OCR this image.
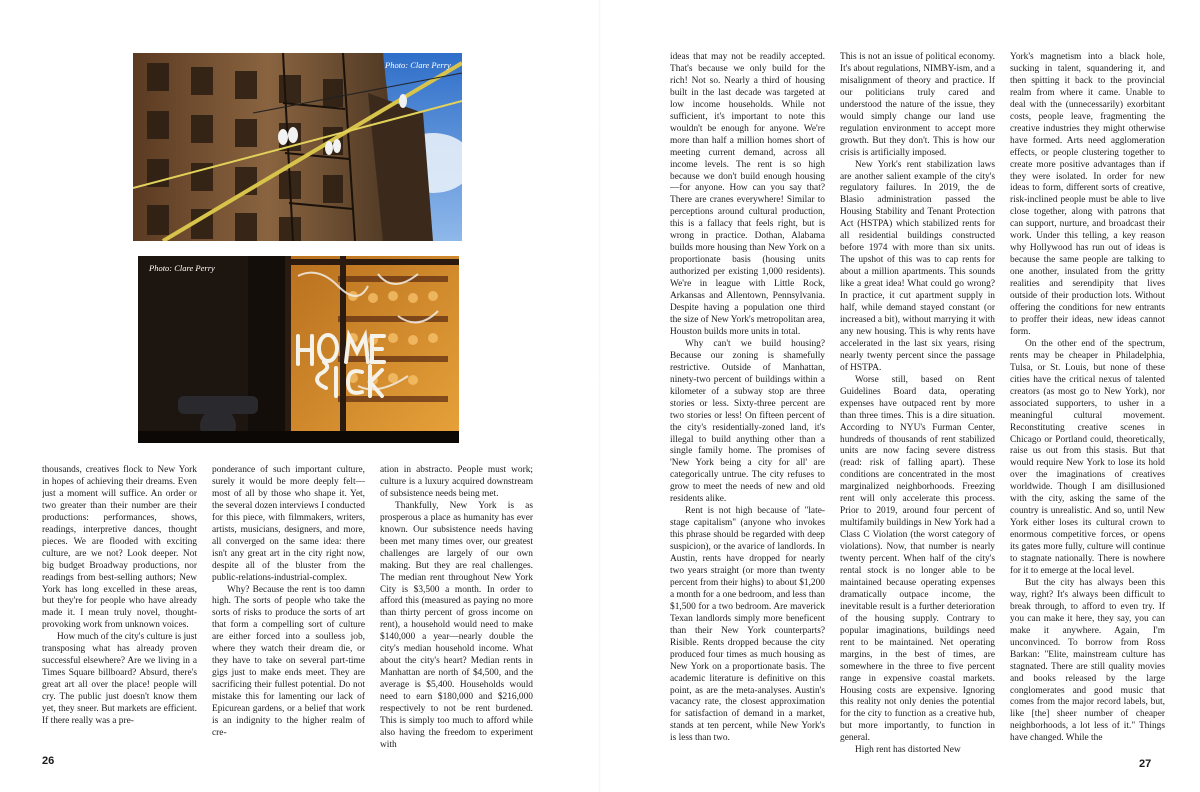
Photo: Clare Perry
Photo: Clare Perry

thousands, creatives flock to New York in hopes of achieving their dreams. Even just a moment will suffice. An order or two greater than their number are their productions: performances, shows, readings, interpretive dances, thought pieces. We are flooded with exciting culture, are we not? Look deeper. Not big budget Broadway productions, nor readings from best-selling authors; New York has long excelled in these areas, but they're for people who have already made it. I mean truly novel, thought-provoking work from unknown voices.

How much of the city's culture is just transposing what has already proven successful elsewhere? Are we living in a Times Square billboard? Absurd, there's great art all over the place! people will cry. The public just doesn't know them yet, they sneer. But markets are efficient. If there really was a pre-

ponderance of such important culture, surely it would be more deeply felt—most of all by those who shape it. Yet, the several dozen interviews I conducted for this piece, with filmmakers, writers, artists, musicians, designers, and more, all converged on the same idea: there isn't any great art in the city right now, despite all of the bluster from the public-relations-industrial-complex.

Why? Because the rent is too damn high. The sorts of people who take the sorts of risks to produce the sorts of art that form a compelling sort of culture are either forced into a soulless job, where they watch their dream die, or they have to take on several part-time gigs just to make ends meet. They are sacrificing their fullest potential. Do not mistake this for lamenting our lack of Epicurean gardens, or a belief that work is an indignity to the higher realm of cre-

ation in abstracto. People must work; culture is a luxury acquired downstream of subsistence needs being met.

Thankfully, New York is as prosperous a place as humanity has ever known. Our subsistence needs having been met many times over, our greatest challenges are largely of our own making. But they are real challenges. The median rent throughout New York City is $3,500 a month. In order to afford this (measured as paying no more than thirty percent of gross income on rent), a household would need to make $140,000 a year—nearly double the city's median household income. What about the city's heart? Median rents in Manhattan are north of $4,500, and the average is $5,400. Households would need to earn $180,000 and $216,000 respectively to not be rent burdened. This is simply too much to afford while also having the freedom to experiment with

ideas that may not be readily accepted. That's because we only build for the rich! Not so. Nearly a third of housing built in the last decade was targeted at low income households. While not sufficient, it's important to note this wouldn't be enough for anyone. We're more than half a million homes short of meeting current demand, across all income levels. The rent is so high because we don't build enough housing—for anyone. How can you say that? There are cranes everywhere! Similar to perceptions around cultural production, this is a fallacy that feels right, but is wrong in practice. Dothan, Alabama builds more housing than New York on a proportionate basis (housing units authorized per existing 1,000 residents). We're in league with Little Rock, Arkansas and Allentown, Pennsylvania. Despite having a population one third the size of New York's metropolitan area, Houston builds more units in total.

Why can't we build housing? Because our zoning is shamefully restrictive. Outside of Manhattan, ninety-two percent of buildings within a kilometer of a subway stop are three stories or less. Sixty-three percent are two stories or less! On fifteen percent of the city's residentially-zoned land, it's illegal to build anything other than a single family home. The promises of 'New York being a city for all' are categorically untrue. The city refuses to grow to meet the needs of new and old residents alike.

Rent is not high because of "late-stage capitalism" (anyone who invokes this phrase should be regarded with deep suspicion), or the avarice of landlords. In Austin, rents have dropped for nearly two years straight (or more than twenty percent from their highs) to about $1,200 a month for a one bedroom, and less than $1,500 for a two bedroom. Are maverick Texan landlords simply more beneficent than their New York counterparts? Risible. Rents dropped because the city produced four times as much housing as New York on a proportionate basis. The academic literature is definitive on this point, as are the meta-analyses. Austin's vacancy rate, the closest approximation for satisfaction of demand in a market, stands at ten percent, while New York's is less than two.

This is not an issue of political economy. It's about regulations, NIMBY-ism, and a misalignment of theory and practice. If our politicians truly cared and understood the nature of the issue, they would simply change our land use regulation environment to accept more growth. But they don't. This is how our crisis is artificially imposed.

New York's rent stabilization laws are another salient example of the city's regulatory failures. In 2019, the de Blasio administration passed the Housing Stability and Tenant Protection Act (HSTPA) which stabilized rents for all residential buildings constructed before 1974 with more than six units. The upshot of this was to cap rents for about a million apartments. This sounds like a great idea! What could go wrong? In practice, it cut apartment supply in half, while demand stayed constant (or increased a bit), without marrying it with any new housing. This is why rents have accelerated in the last six years, rising nearly twenty percent since the passage of HSTPA.

Worse still, based on Rent Guidelines Board data, operating expenses have outpaced rent by more than three times. This is a dire situation. According to NYU's Furman Center, hundreds of thousands of rent stabilized units are now facing severe distress (read: risk of falling apart). These conditions are concentrated in the most marginalized neighborhoods. Freezing rent will only accelerate this process. Prior to 2019, around four percent of multifamily buildings in New York had a Class C Violation (the worst category of violations). Now, that number is nearly twenty percent. When half of the city's rental stock is no longer able to be maintained because operating expenses dramatically outpace income, the inevitable result is a further deterioration of the housing supply. Contrary to popular imaginations, buildings need rent to be maintained. Net operating margins, in the best of times, are somewhere in the three to five percent range in expensive coastal markets. Housing costs are expensive. Ignoring this reality not only denies the potential for the city to function as a creative hub, but more importantly, to function in general.

High rent has distorted New

York's magnetism into a black hole, sucking in talent, squandering it, and then spitting it back to the provincial realm from where it came. Unable to deal with the (unnecessarily) exorbitant costs, people leave, fragmenting the creative industries they might otherwise have formed. Arts need agglomeration effects, or people clustering together to create more positive advantages than if they were isolated. In order for new ideas to form, different sorts of creative, risk-inclined people must be able to live close together, along with patrons that can support, nurture, and broadcast their work. Under this telling, a key reason why Hollywood has run out of ideas is because the same people are talking to one another, insulated from the gritty realities and serendipity that lives outside of their production lots. Without offering the conditions for new entrants to proffer their ideas, new ideas cannot form.

On the other end of the spectrum, rents may be cheaper in Philadelphia, Tulsa, or St. Louis, but none of these cities have the critical nexus of talented creators (as most go to New York), nor associated supporters, to usher in a meaningful cultural movement. Reconstituting creative scenes in Chicago or Portland could, theoretically, raise us out from this stasis. But that would require New York to lose its hold over the imaginations of creatives worldwide. Though I am disillusioned with the city, asking the same of the country is unrealistic. And so, until New York either loses its cultural crown to enormous competitive forces, or opens its gates more fully, culture will continue to stagnate nationally. There is nowhere for it to emerge at the local level.

But the city has always been this way, right? It's always been difficult to break through, to afford to even try. If you can make it here, they say, you can make it anywhere. Again, I'm unconvinced. To borrow from Ross Barkan: "Elite, mainstream culture has stagnated. There are still quality movies and books released by the large conglomerates and good music that comes from the major record labels, but, like [the] sheer number of cheaper neighborhoods, a lot less of it." Things have changed. While the

26	27
